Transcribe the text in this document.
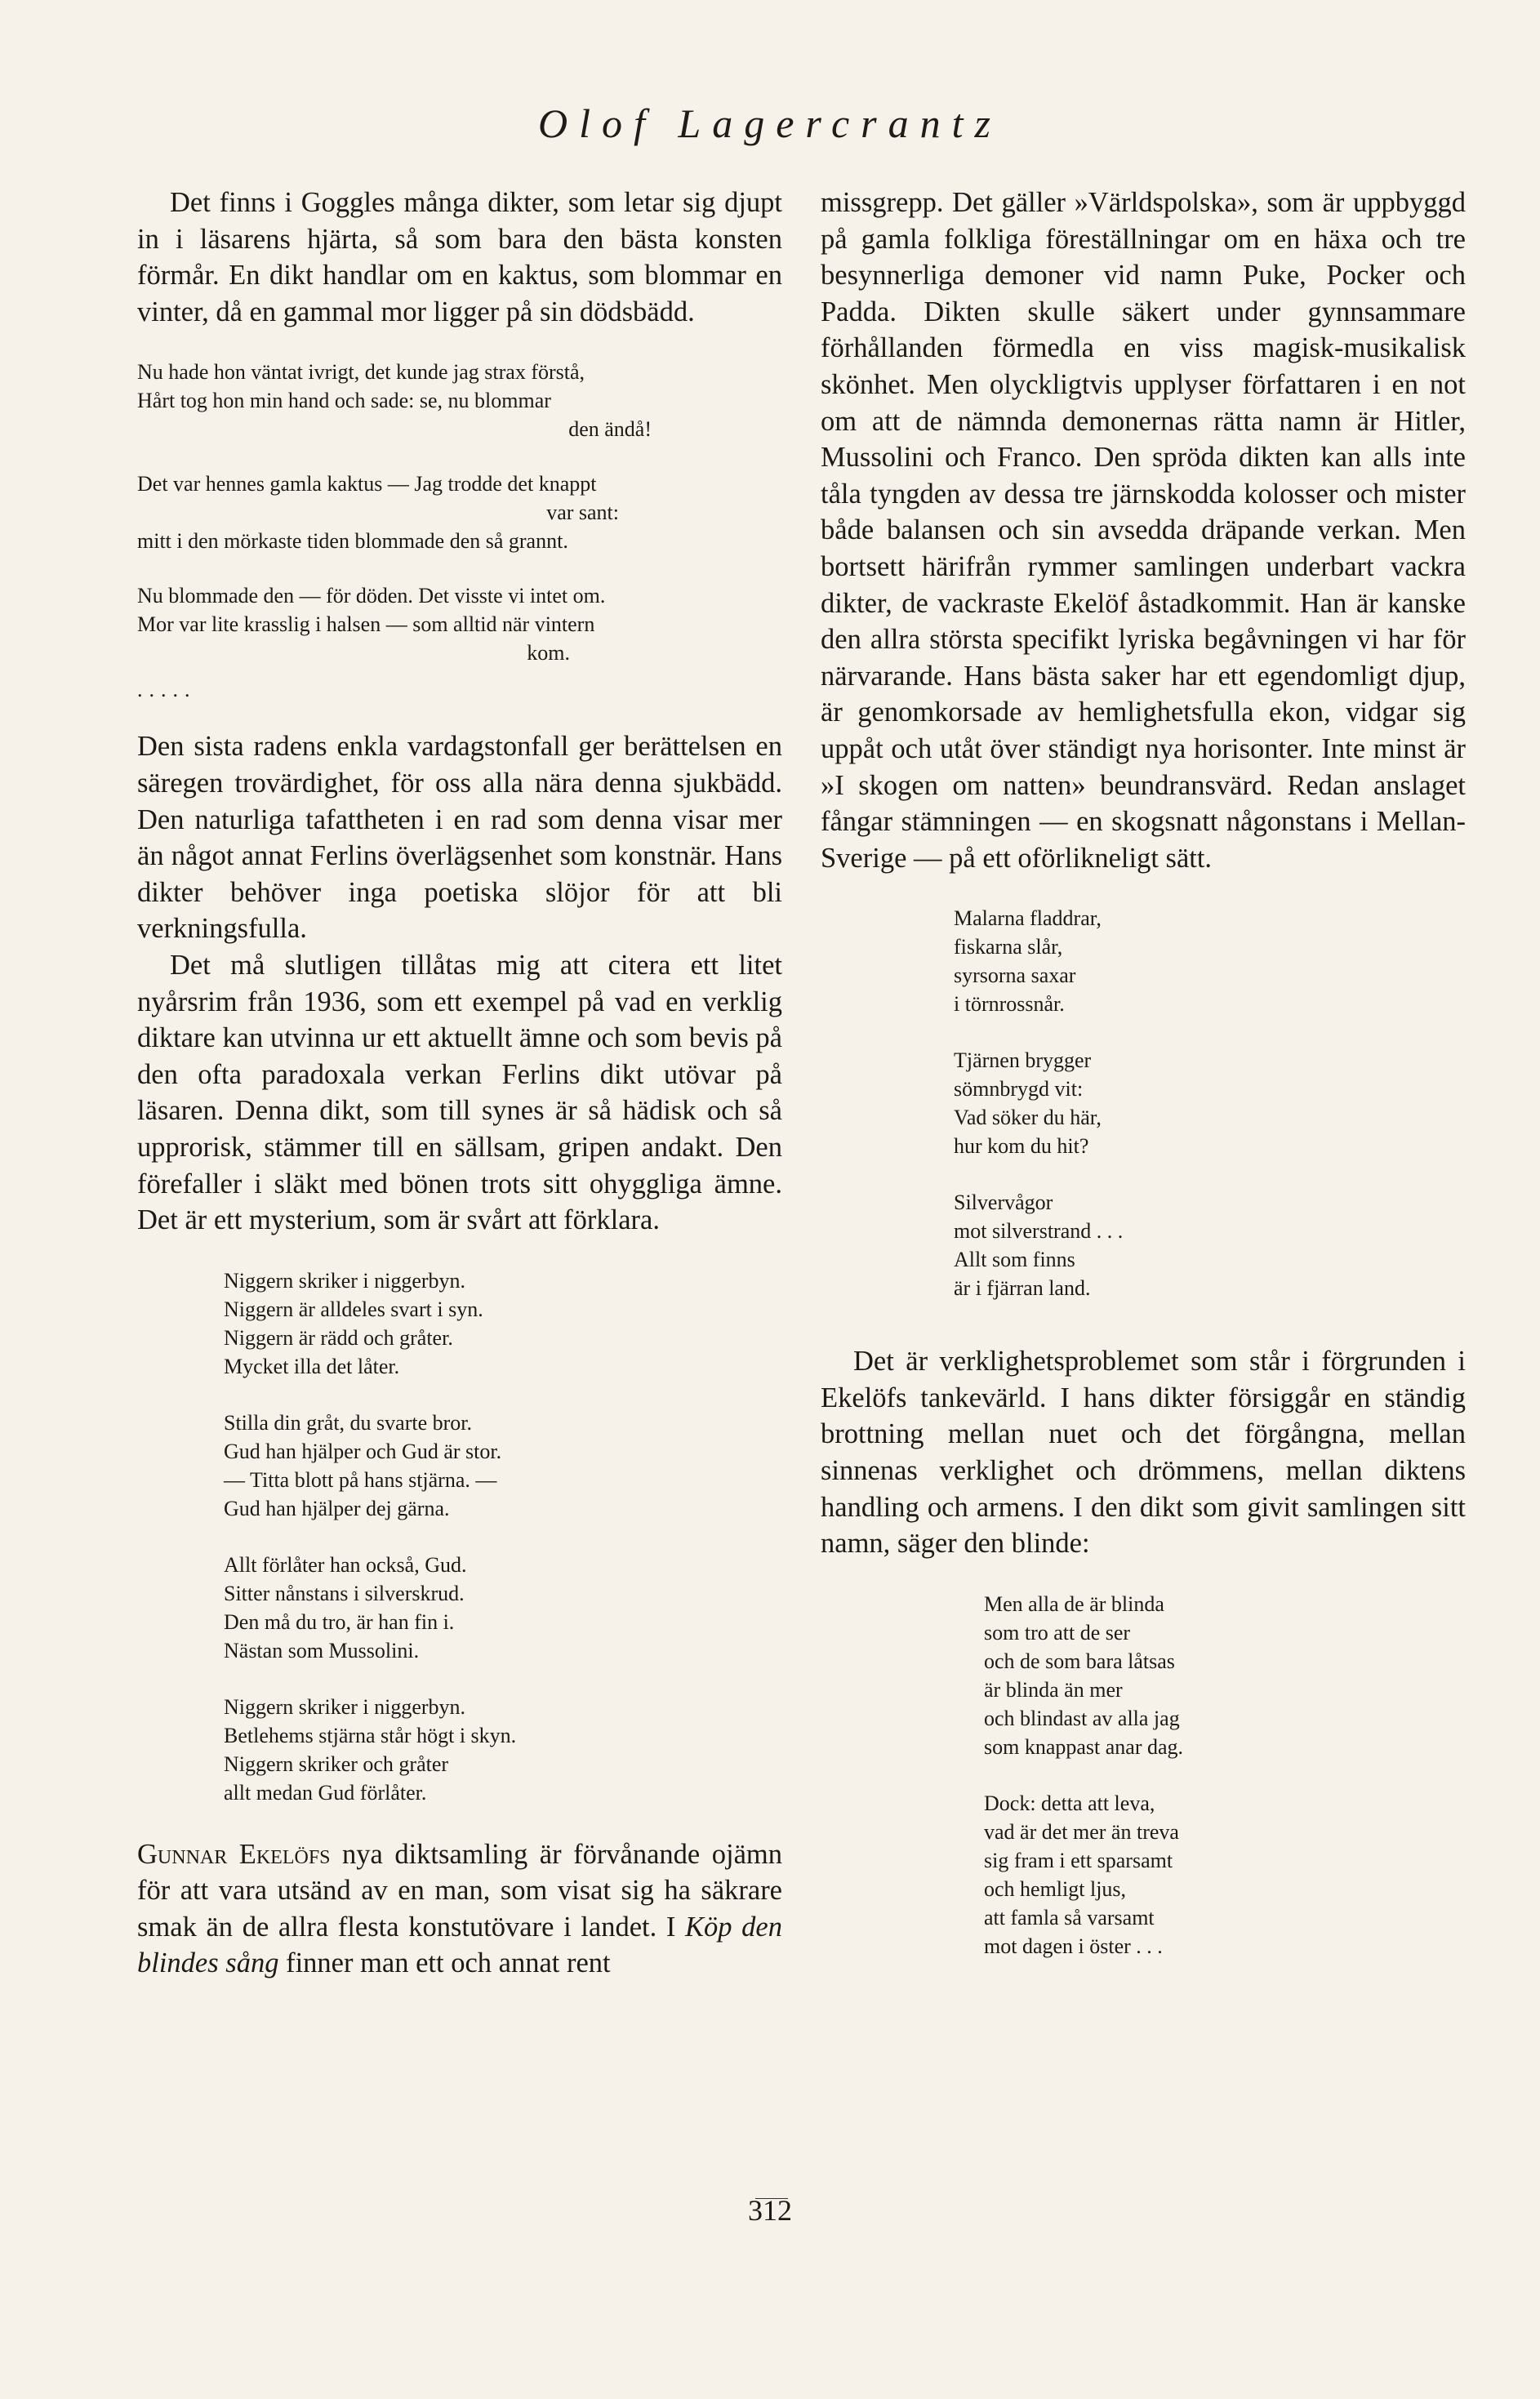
Olof Lagercrantz

Det finns i Goggles många dikter, som letar sig djupt in i läsarens hjärta, så som bara den bästa konsten förmår. En dikt handlar om en kaktus, som blommar en vinter, då en gammal mor ligger på sin dödsbädd.

Nu hade hon väntat ivrigt, det kunde jag strax förstå,
Hårt tog hon min hand och sade: se, nu blommar
den ändå!
Det var hennes gamla kaktus — Jag trodde det knappt
var sant:
mitt i den mörkaste tiden blommade den så grannt.
Nu blommade den — för döden. Det visste vi intet om.
Mor var lite krasslig i halsen — som alltid när vintern
kom.
.....

Den sista radens enkla vardagstonfall ger berättelsen en säregen trovärdighet, för oss alla nära denna sjukbädd. Den naturliga tafattheten i en rad som denna visar mer än något annat Ferlins överlägsenhet som konstnär. Hans dikter behöver inga poetiska slöjor för att bli verkningsfulla.

Det må slutligen tillåtas mig att citera ett litet nyårsrim från 1936, som ett exempel på vad en verklig diktare kan utvinna ur ett aktuellt ämne och som bevis på den ofta paradoxala verkan Ferlins dikt utövar på läsaren. Denna dikt, som till synes är så hädisk och så upprorisk, stämmer till en sällsam, gripen andakt. Den förefaller i släkt med bönen trots sitt ohyggliga ämne. Det är ett mysterium, som är svårt att förklara.

Niggern skriker i niggerbyn.
Niggern är alldeles svart i syn.
Niggern är rädd och gråter.
Mycket illa det låter.
Stilla din gråt, du svarte bror.
Gud han hjälper och Gud är stor.
— Titta blott på hans stjärna. —
Gud han hjälper dej gärna.
Allt förlåter han också, Gud.
Sitter nånstans i silverskrud.
Den må du tro, är han fin i.
Nästan som Mussolini.
Niggern skriker i niggerbyn.
Betlehems stjärna står högt i skyn.
Niggern skriker och gråter
allt medan Gud förlåter.

Gunnar Ekelöfs nya diktsamling är förvånande ojämn för att vara utsänd av en man, som visat sig ha säkrare smak än de allra flesta konstutövare i landet. I Köp den blindes sång finner man ett och annat rent

missgrepp. Det gäller »Världspolska», som är uppbyggd på gamla folkliga föreställningar om en häxa och tre besynnerliga demoner vid namn Puke, Pocker och Padda. Dikten skulle säkert under gynnsammare förhållanden förmedla en viss magisk-musikalisk skönhet. Men olyckligtvis upplyser författaren i en not om att de nämnda demonernas rätta namn är Hitler, Mussolini och Franco. Den spröda dikten kan alls inte tåla tyngden av dessa tre järnskodda kolosser och mister både balansen och sin avsedda dräpande verkan. Men bortsett härifrån rymmer samlingen underbart vackra dikter, de vackraste Ekelöf åstadkommit. Han är kanske den allra största specifikt lyriska begåvningen vi har för närvarande. Hans bästa saker har ett egendomligt djup, är genomkorsade av hemlighetsfulla ekon, vidgar sig uppåt och utåt över ständigt nya horisonter. Inte minst är »I skogen om natten» beundransvärd. Redan anslaget fångar stämningen — en skogsnatt någonstans i Mellan-Sverige — på ett oförlikneligt sätt.

Malarna fladdrar,
fiskarna slår,
syrsorna saxar
i törnrossnår.
Tjärnen brygger
sömnbrygd vit:
Vad söker du här,
hur kom du hit?
Silvervågor
mot silverstrand . . .
Allt som finns
är i fjärran land.

Det är verklighetsproblemet som står i förgrunden i Ekelöfs tankevärld. I hans dikter försiggår en ständig brottning mellan nuet och det förgångna, mellan sinnenas verklighet och drömmens, mellan diktens handling och armens. I den dikt som givit samlingen sitt namn, säger den blinde:

Men alla de är blinda
som tro att de ser
och de som bara låtsas
är blinda än mer
och blindast av alla jag
som knappast anar dag.
Dock: detta att leva,
vad är det mer än treva
sig fram i ett sparsamt
och hemligt ljus,
att famla så varsamt
mot dagen i öster . . .
312
